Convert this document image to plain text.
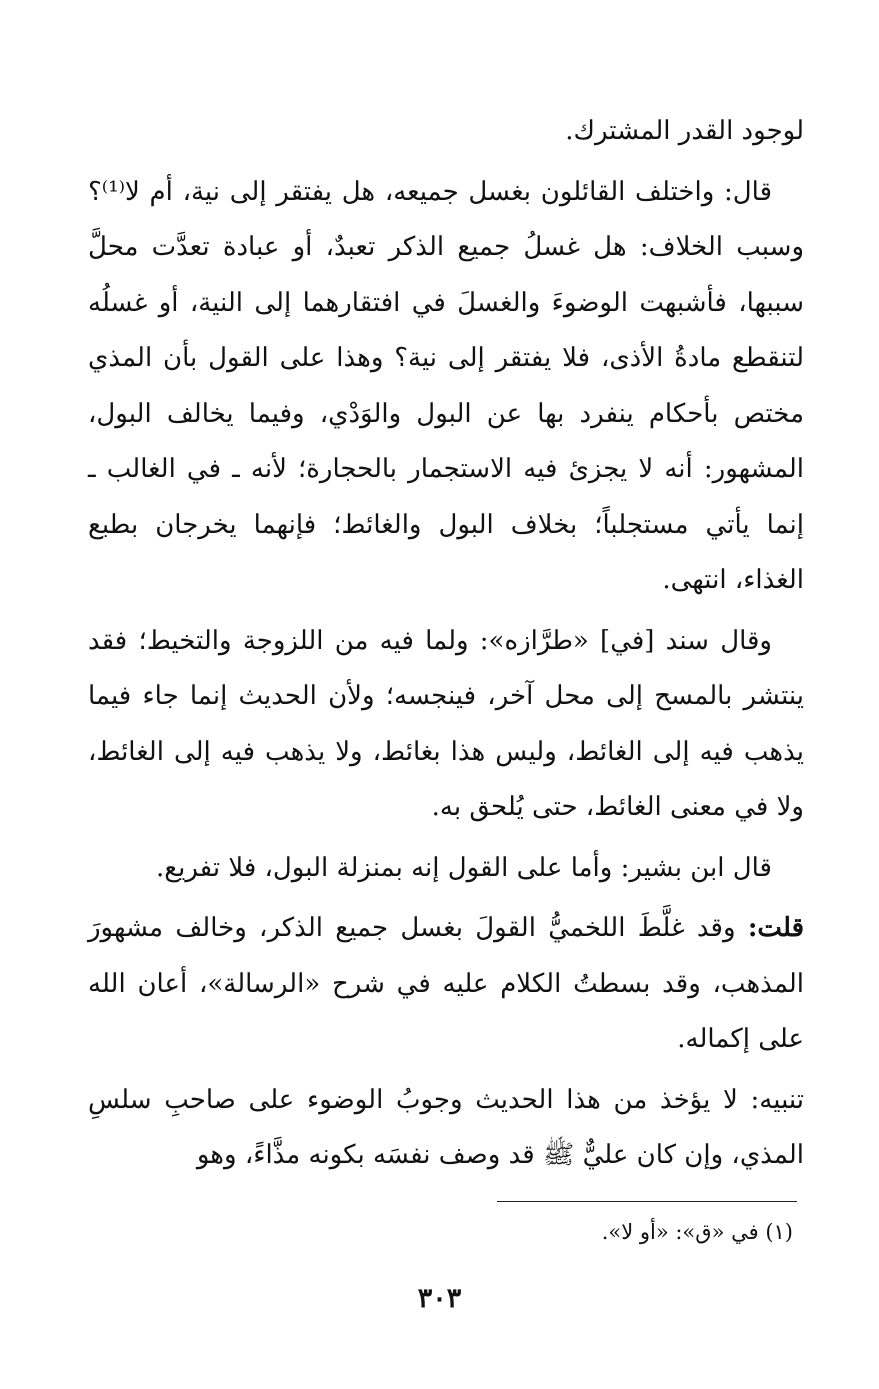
لوجود القدر المشترك.

قال: واختلف القائلون بغسل جميعه، هل يفتقر إلى نية، أم لا⁽¹⁾؟ وسبب الخلاف: هل غسلُ جميع الذكر تعبدٌ، أو عبادة تعدَّت محلَّ سببها، فأشبهت الوضوءَ والغسلَ في افتقارهما إلى النية، أو غسلُه لتنقطع مادةُ الأذى، فلا يفتقر إلى نية؟ وهذا على القول بأن المذي مختص بأحكام ينفرد بها عن البول والوَدْي، وفيما يخالف البول، المشهور: أنه لا يجزئ فيه الاستجمار بالحجارة؛ لأنه ـ في الغالب ـ إنما يأتي مستجلباً؛ بخلاف البول والغائط؛ فإنهما يخرجان بطبع الغذاء، انتهى.

وقال سند [في] «طرَّازه»: ولما فيه من اللزوجة والتخيط؛ فقد ينتشر بالمسح إلى محل آخر، فينجسه؛ ولأن الحديث إنما جاء فيما يذهب فيه إلى الغائط، وليس هذا بغائط، ولا يذهب فيه إلى الغائط، ولا في معنى الغائط، حتى يُلحق به.

قال ابن بشير: وأما على القول إنه بمنزلة البول، فلا تفريع.

قلت: وقد غلَّطَ اللخميُّ القولَ بغسل جميع الذكر، وخالف مشهورَ المذهب، وقد بسطتُ الكلام عليه في شرح «الرسالة»، أعان الله على إكماله.

تنبيه: لا يؤخذ من هذا الحديث وجوبُ الوضوء على صاحبِ سلسِ المذي، وإن كان عليٌّ ﷺ قد وصف نفسَه بكونه مذَّاءً، وهو

(١) في «ق»: «أو لا».
٣٠٣
